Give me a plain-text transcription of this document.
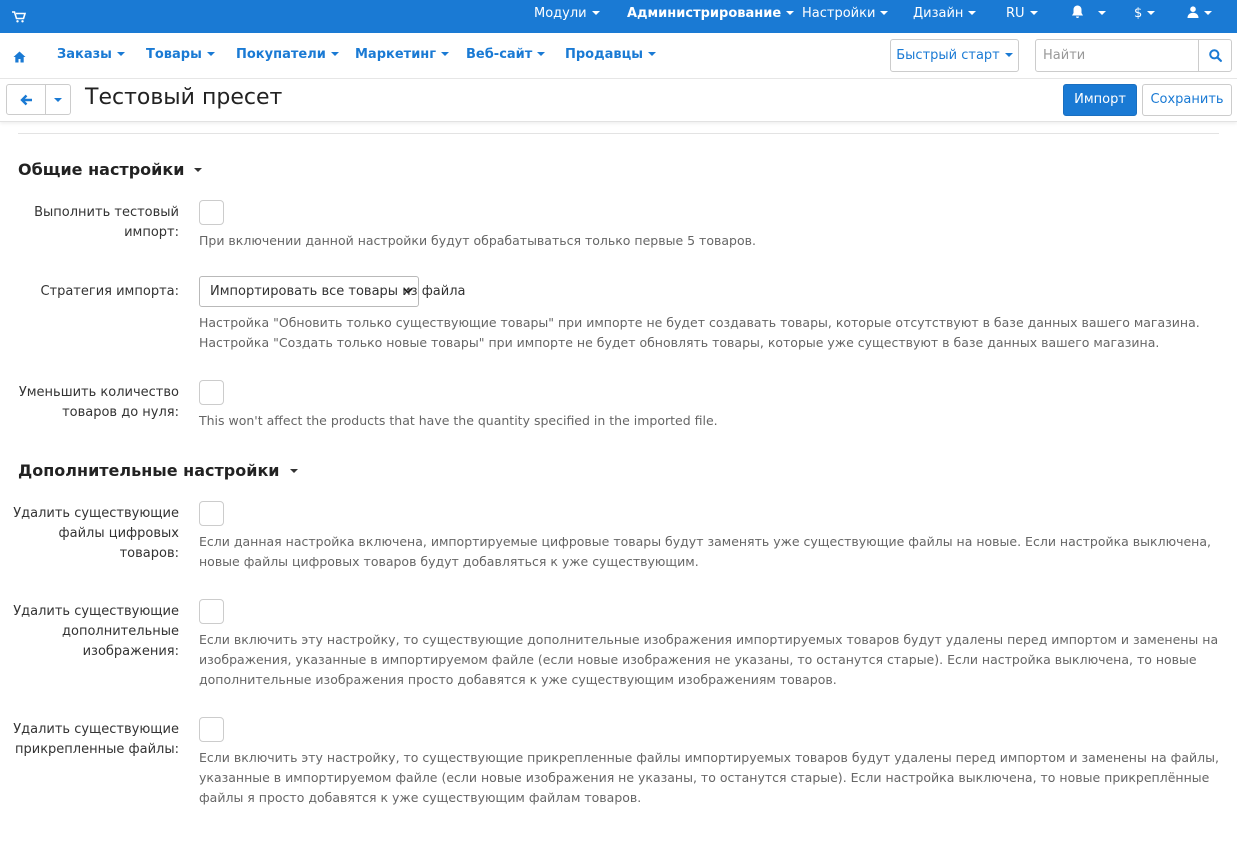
Модули	Администрирование	Настройки	Дизайн	RU	$
Заказы	Товары	Покупатели	Маркетинг	Веб-сайт	Продавцы	Быстрый старт
Найти
Тестовый пресет	Импорт	Сохранить
Общие настройки
Выполнить тестовый импорт:
При включении данной настройки будут обрабатываться только первые 5 товаров.
Стратегия импорта:	Импортировать все товары из файла
Настройка "Обновить только существующие товары" при импорте не будет создавать товары, которые отсутствуют в базе данных вашего магазина.
Настройка "Создать только новые товары" при импорте не будет обновлять товары, которые уже существуют в базе данных вашего магазина.
Уменьшить количество товаров до нуля:
This won't affect the products that have the quantity specified in the imported file.
Дополнительные настройки
Удалить существующие файлы цифровых товаров:
Если данная настройка включена, импортируемые цифровые товары будут заменять уже существующие файлы на новые. Если настройка выключена, новые файлы цифровых товаров будут добавляться к уже существующим.
Удалить существующие дополнительные изображения:
Если включить эту настройку, то существующие дополнительные изображения импортируемых товаров будут удалены перед импортом и заменены на изображения, указанные в импортируемом файле (если новые изображения не указаны, то останутся старые). Если настройка выключена, то новые дополнительные изображения просто добавятся к уже существующим изображениям товаров.
Удалить существующие прикрепленные файлы:
Если включить эту настройку, то существующие прикрепленные файлы импортируемых товаров будут удалены перед импортом и заменены на файлы, указанные в импортируемом файле (если новые изображения не указаны, то останутся старые). Если настройка выключена, то новые прикреплённые файлы я просто добавятся к уже существующим файлам товаров.
